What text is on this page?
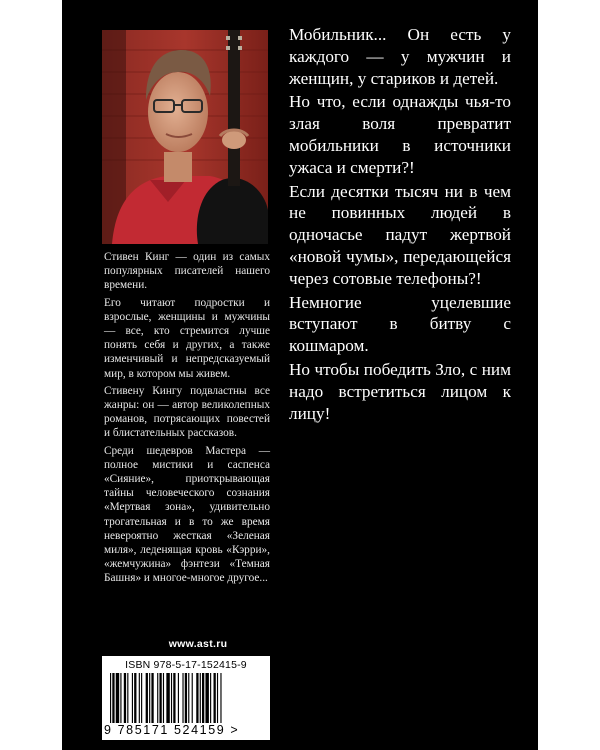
Стивен Кинг — один из самых популярных писателей нашего времени.

Его читают подростки и взрослые, женщины и мужчины — все, кто стремится лучше понять себя и других, а также изменчивый и непредсказуемый мир, в котором мы живем.

Стивену Кингу подвластны все жанры: он — автор великолепных романов, потрясающих повестей и блистательных рассказов.

Среди шедевров Мастера — полное мистики и саспенса «Сияние», приоткрывающая тайны человеческого сознания «Мертвая зона», удивительно трогательная и в то же время невероятно жесткая «Зеленая миля», леденящая кровь «Кэрри», «жемчужина» фэнтези «Темная Башня» и многое-многое другое...

Мобильник... Он есть у каждого — у мужчин и женщин, у стариков и детей.

Но что, если однажды чья-то злая воля превратит мобильники в источники ужаса и смерти?!

Если десятки тысяч ни в чем не повинных людей в одночасье падут жертвой «новой чумы», передающейся через сотовые телефоны?!

Немногие уцелевшие вступают в битву с кошмаром.

Но чтобы победить Зло, с ним надо встретиться лицом к лицу!

www.ast.ru
ISBN 978-5-17-152415-9
9 785171 524159 >
